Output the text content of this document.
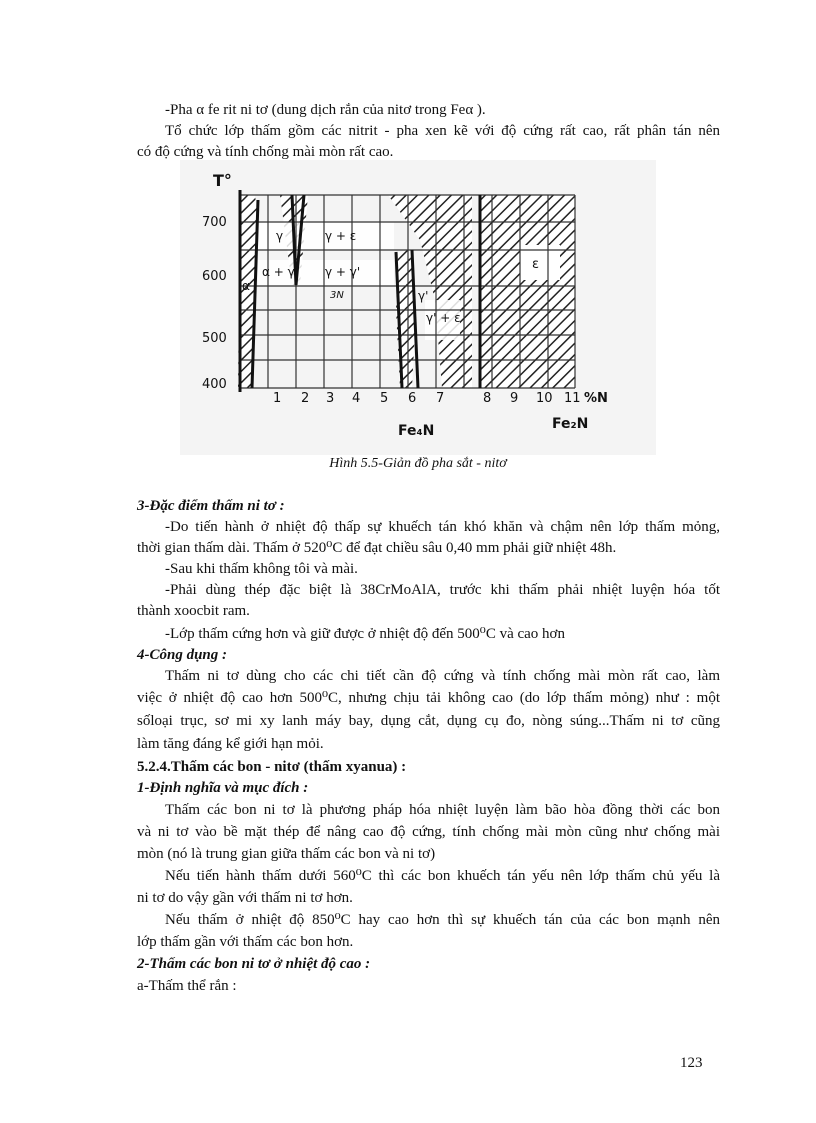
-Pha α fe rit ni tơ (dung dịch rắn của nitơ trong Feα ).
Tổ chức lớp thấm gồm các nitrit - pha xen kẽ với độ cứng rất cao, rất phân tán nên
có độ cứng và tính chống mài mòn rất cao.
T°
700
600
500
400
1 2 3 4 5 6 7	8 9 10 11 %N
γ	γ + ε
α + γ	γ + γ'
α
ε
γ'
γ' + ε
3N
Fe₄N	Fe₂N
Hình 5.5-Giản đồ pha sắt - nitơ
3-Đặc điểm thấm ni tơ :
-Do tiến hành ở nhiệt độ thấp sự khuếch tán khó khăn và chậm nên lớp thấm mỏng,
thời gian thấm dài. Thấm ở 520⁰C để đạt chiều sâu 0,40 mm phải giữ nhiệt 48h.
-Sau khi thấm không tôi và mài.
-Phải dùng thép đặc biệt là 38CrMoAlA, trước khi thấm phải nhiệt luyện hóa tốt
thành xoocbit ram.
-Lớp thấm cứng hơn và giữ được ở nhiệt độ đến 500⁰C và cao hơn
4-Công dụng :
Thấm ni tơ dùng cho các chi tiết cần độ cứng và tính chống mài mòn rất cao, làm
việc ở nhiệt độ cao hơn 500⁰C, nhưng chịu tải không cao (do lớp thấm mỏng) như : một
sốloại trục, sơ mi xy lanh máy bay, dụng cắt, dụng cụ đo, nòng súng...Thấm ni tơ cũng
làm tăng đáng kể giới hạn mỏi.
5.2.4.Thấm các bon - nitơ (thấm xyanua) :
1-Định nghĩa và mục đích :
Thấm các bon ni tơ là phương pháp hóa nhiệt luyện làm bão hòa đồng thời các bon
và ni tơ vào bề mặt thép để nâng cao độ cứng, tính chống mài mòn cũng như chống mài
mòn (nó là trung gian giữa thấm các bon và ni tơ)
Nếu tiến hành thấm dưới 560⁰C thì các bon khuếch tán yếu nên lớp thấm chủ yếu là
ni tơ do vậy gần với thấm ni tơ hơn.
Nếu thấm ở nhiệt độ 850⁰C hay cao hơn thì sự khuếch tán của các bon mạnh nên
lớp thấm gần với thấm các bon hơn.
2-Thấm các bon ni tơ ở nhiệt độ cao :
a-Thấm thể rắn :
123
